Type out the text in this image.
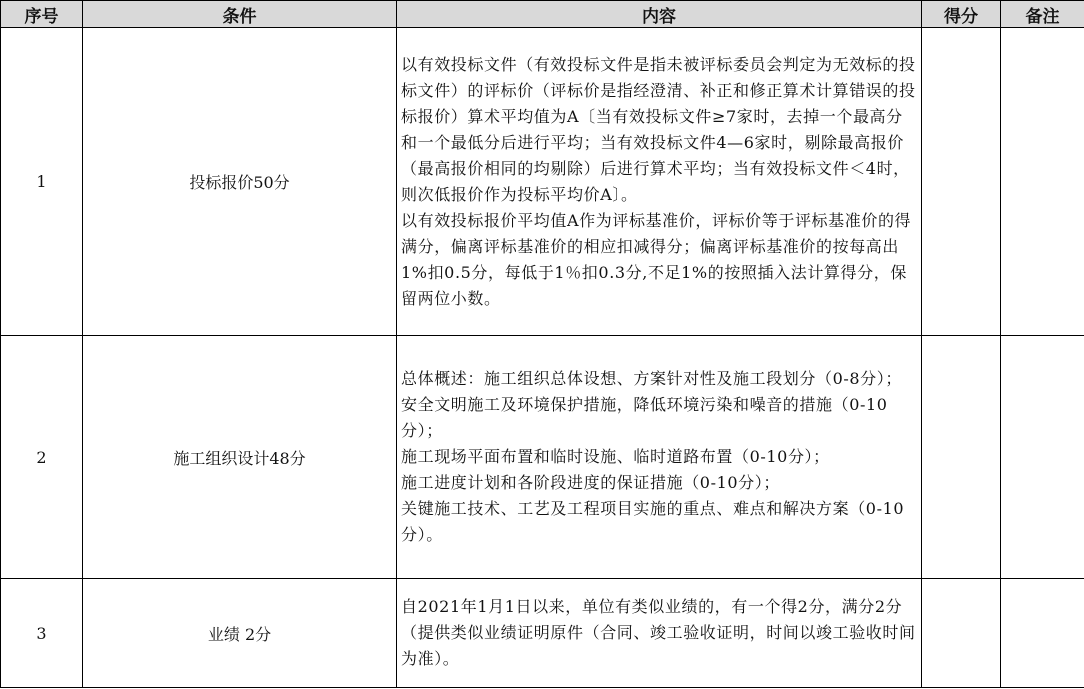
序号	条件	内容	得分	备注
1	投标报价50分	以有效投标文件（有效投标文件是指未被评标委员会判定为无效标的投标文件）的评标价（评标价是指经澄清、补正和修正算术计算错误的投标报价）算术平均值为A〔当有效投标文件≥7家时，去掉一个最高分和一个最低分后进行平均；当有效投标文件4—6家时，剔除最高报价（最高报价相同的均剔除）后进行算术平均；当有效投标文件＜4时，则次低报价作为投标平均价A〕。

以有效投标报价平均值A作为评标基准价，评标价等于评标基准价的得满分，偏离评标基准价的相应扣减得分；偏离评标基准价的按每高出1%扣0.5分，每低于1％扣0.3分,不足1%的按照插入法计算得分，保留两位小数。		

2	施工组织设计48分	总体概述：施工组织总体设想、方案针对性及施工段划分（0-8分）；

安全文明施工及环境保护措施，降低环境污染和噪音的措施（0-10分）；

施工现场平面布置和临时设施、临时道路布置（0-10分）；

施工进度计划和各阶段进度的保证措施（0-10分）；

关键施工技术、工艺及工程项目实施的重点、难点和解决方案（0-10分）。		

3	业绩 2分	自2021年1月1日以来，单位有类似业绩的，有一个得2分，满分2分（提供类似业绩证明原件（合同、竣工验收证明，时间以竣工验收时间为准）。		
